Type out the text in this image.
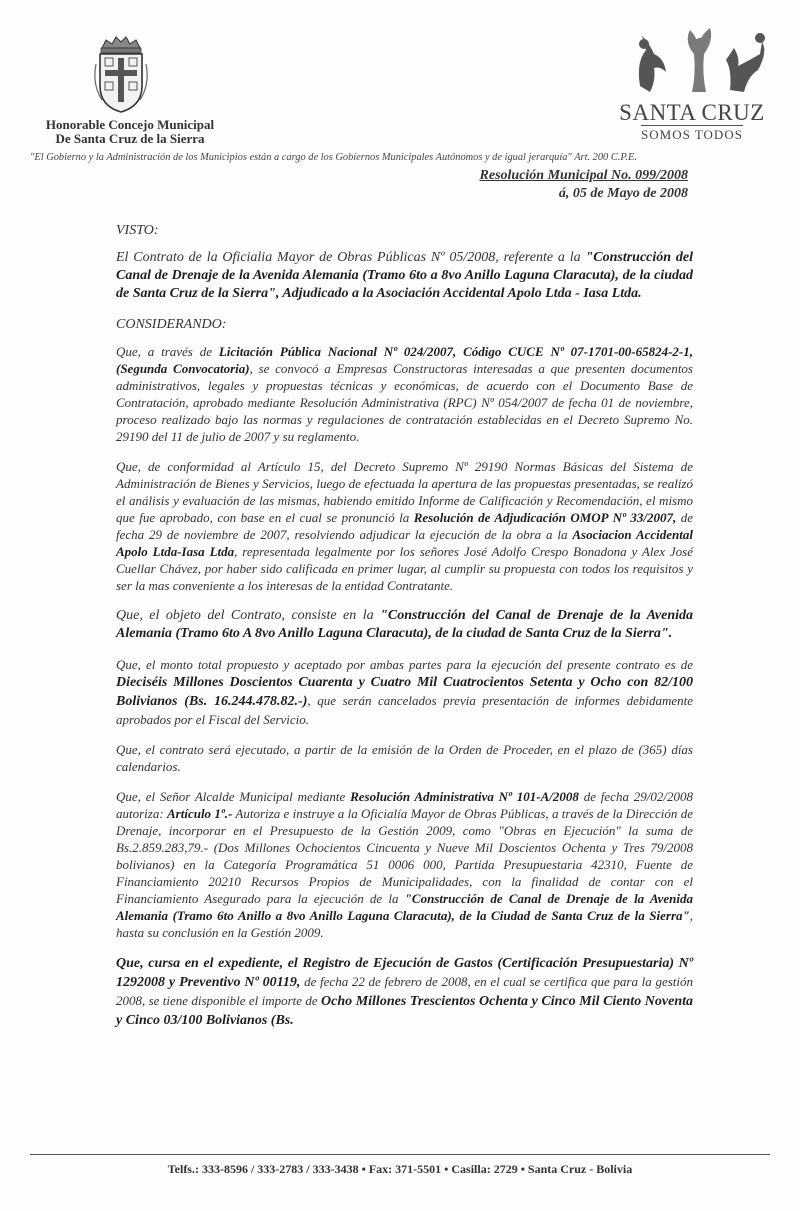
Honorable Concejo Municipal
De Santa Cruz de la Sierra
SANTA CRUZ
SOMOS TODOS
"El Gobierno y la Administración de los Municipios están a cargo de los Gobiernos Municipales Autónomos y de igual jerarquía" Art. 200 C.P.E.
Resolución Municipal No. 099/2008
á, 05 de Mayo de 2008

VISTO:

El Contrato de la Oficialia Mayor de Obras Públicas Nº 05/2008, referente a la "Construcción del Canal de Drenaje de la Avenida Alemania (Tramo 6to a 8vo Anillo Laguna Claracuta), de la ciudad de Santa Cruz de la Sierra", Adjudicado a la Asociación Accidental Apolo Ltda - Iasa Ltda.

CONSIDERANDO:

Que, a través de Licitación Pública Nacional Nº 024/2007, Código CUCE Nº 07-1701-00-65824-2-1,(Segunda Convocatoria), se convocó a Empresas Constructoras interesadas a que presenten documentos administrativos, legales y propuestas técnicas y económicas, de acuerdo con el Documento Base de Contratación, aprobado mediante Resolución Administrativa (RPC) Nº 054/2007 de fecha 01 de noviembre, proceso realizado bajo las normas y regulaciones de contratación establecidas en el Decreto Supremo No. 29190 del 11 de julio de 2007 y su reglamento.

Que, de conformidad al Artículo 15, del Decreto Supremo Nº 29190 Normas Básicas del Sistema de Administración de Bienes y Servicios, luego de efectuada la apertura de las propuestas presentadas, se realizó el análisis y evaluación de las mismas, habiendo emitido Informe de Calificación y Recomendación, el mismo que fue aprobado, con base en el cual se pronunció la Resolución de Adjudicación OMOP Nº 33/2007, de fecha 29 de noviembre de 2007, resolviendo adjudicar la ejecución de la obra a la Asociacion Accidental Apolo Ltda-Iasa Ltda, representada legalmente por los señores José Adolfo Crespo Bonadona y Alex José Cuellar Chávez, por haber sido calificada en primer lugar, al cumplir su propuesta con todos los requisitos y ser la mas conveniente a los interesas de la entidad Contratante.

Que, el objeto del Contrato, consiste en la "Construcción del Canal de Drenaje de la Avenida Alemania (Tramo 6to A 8vo Anillo Laguna Claracuta), de la ciudad de Santa Cruz de la Sierra".

Que, el monto total propuesto y aceptado por ambas partes para la ejecución del presente contrato es de Dieciséis Millones Doscientos Cuarenta y Cuatro Mil Cuatrocientos Setenta y Ocho con 82/100 Bolivianos (Bs. 16.244.478.82.-), que serán cancelados previa presentación de informes debidamente aprobados por el Fiscal del Servicio.

Que, el contrato será ejecutado, a partir de la emisión de la Orden de Proceder, en el plazo de (365) días calendarios.

Que, el Señor Alcalde Municipal mediante Resolución Administrativa Nº 101-A/2008 de fecha 29/02/2008 autoriza: Artículo 1º.- Autoriza e instruye a la Oficialía Mayor de Obras Públicas, a través de la Dirección de Drenaje, incorporar en el Presupuesto de la Gestión 2009, como "Obras en Ejecución" la suma de Bs.2.859.283,79.- (Dos Millones Ochocientos Cincuenta y Nueve Mil Doscientos Ochenta y Tres 79/2008 bolivianos) en la Categoría Programática 51 0006 000, Partida Presupuestaria 42310, Fuente de Financiamiento 20210 Recursos Propios de Municipalidades, con la finalidad de contar con el Financiamiento Asegurado para la ejecución de la "Construcción de Canal de Drenaje de la Avenida Alemania (Tramo 6to Anillo a 8vo Anillo Laguna Claracuta), de la Ciudad de Santa Cruz de la Sierra", hasta su conclusión en la Gestión 2009.

Que, cursa en el expediente, el Registro de Ejecución de Gastos (Certificación Presupuestaria) Nº 1292008 y Preventivo Nº 00119, de fecha 22 de febrero de 2008, en el cual se certifica que para la gestión 2008, se tiene disponible el importe de Ocho Millones Trescientos Ochenta y Cinco Mil Ciento Noventa y Cinco 03/100 Bolivianos (Bs.

Telfs.: 333-8596 / 333-2783 / 333-3438 • Fax: 371-5501 • Casilla: 2729 • Santa Cruz - Bolivia
